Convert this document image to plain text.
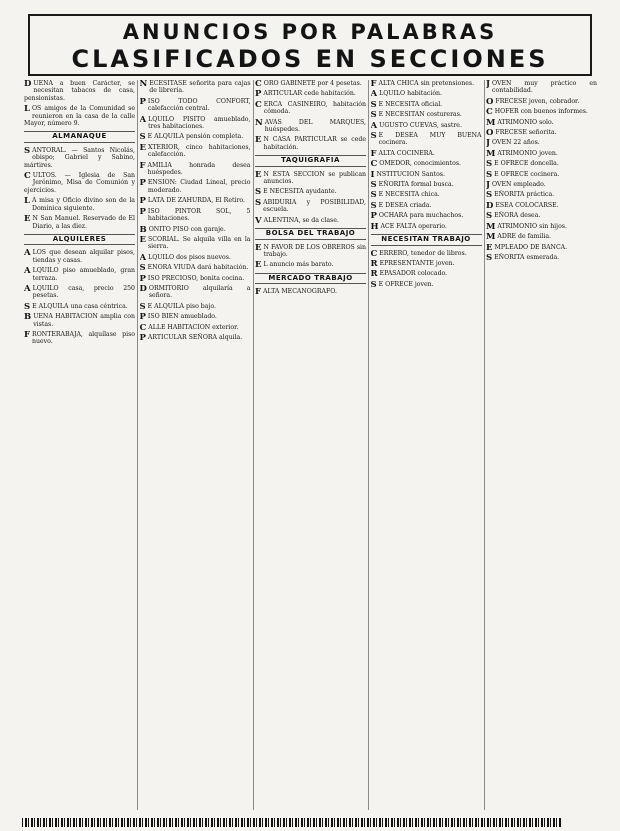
ANUNCIOS POR PALABRAS
CLASIFICADOS EN SECCIONES
D UEÑA a buen Carácter, se necesitan tabacos de casa, pensionistas.
L OS amigos de la Comunidad se reunieron en la casa de la calle Mayor, número 9.
ALMANAQUE
S ANTORAL. — Santos Nicolás, obispo; Gabriel y Sabino, mártires.
C ULTOS. — Iglesia de San Jerónimo, Misa de Comunión y ejercicios.
L A misa y Oficio divino son de la Dominica siguiente.
E N San Manuel. Reservado de El Diario, a las diez.
ALQUILERES
A LOS que desean alquilar pisos, tiendas y casas.
A LQUILO piso amueblado, gran terraza.
A LQUILO casa, precio 250 pesetas.
S E ALQUILA una casa céntrica.
B UENA HABITACION amplia con vistas.
F RONTERABAJA, alquílase piso nuevo.
N ECESITASE señorita para cajas de librería.
P ISO TODO CONFORT, calefacción central.
A LQUILO PISITO amueblado, tres habitaciones.
S E ALQUILA pensión completa.
E XTERIOR, cinco habitaciones, calefacción.
F AMILIA honrada desea huéspedes.
P ENSION: Ciudad Lineal, precio moderado.
P LATA DE ZAHURDA, El Retiro.
P ISO PINTOR SOL, 5 habitaciones.
B ONITO PISO con garaje.
E SCORIAL. Se alquila villa en la sierra.
A LQUILO dos pisos nuevos.
S ENORA VIUDA dará habitación.
P ISO PRECIOSO, bonita cocina.
D ORMITORIO alquilaría a señora.
S E ALQUILA piso bajo.
P ISO BIEN amueblado.
C ALLE HABITACION exterior.
P ARTICULAR SEÑORA alquila.
C ORO GABINETE por 4 pesetas.
P ARTICULAR cede habitación.
C ERCA CASINEIRO, habitación cómoda.
N AVAS DEL MARQUES, huéspedes.
E N CASA PARTICULAR se cede habitación.
TAQUIGRAFIA
E N ESTA SECCION se publican anuncios.
S E NECESITA ayudante.
S ABIDURIA y POSIBILIDAD, escuela.
V ALENTINA, se da clase.
BOLSA DEL TRABAJO
E N FAVOR DE LOS OBREROS sin trabajo.
E L anuncio más barato.
MERCADO TRABAJO
F ALTA MECANOGRAFO.
F ALTA CHICA sin pretensiones.
A LQUILO habitación.
S E NECESITA oficial.
S E NECESITAN costureras.
A UGUSTO CUEVAS, sastre.
S E DESEA MUY BUENA cocinera.
F ALTA COCINERA.
C OMEDOR, conocimientos.
I NSTITUCION Santos.
S EÑORITA formal busca.
S E NECESITA chica.
S E DESEA criada.
P OCHARA para muchachos.
H ACE FALTA operario.
NECESITAN TRABAJO
C ERRERO, tenedor de libros.
R EPRESENTANTE joven.
R EPASADOR colocado.
S E OFRECE joven.
J OVEN muy práctico en contabilidad.
O FRECESE joven, cobrador.
C HOFER con buenos informes.
M ATRIMONIO solo.
O FRECESE señorita.
J OVEN 22 años.
M ATRIMONIO joven.
S E OFRECE doncella.
S E OFRECE cocinera.
J OVEN empleado.
S EÑORITA práctica.
D ESEA COLOCARSE.
S EÑORA desea.
M ATRIMONIO sin hijos.
M ADRE de familia.
E MPLEADO DE BANCA.
S EÑORITA esmerada.
